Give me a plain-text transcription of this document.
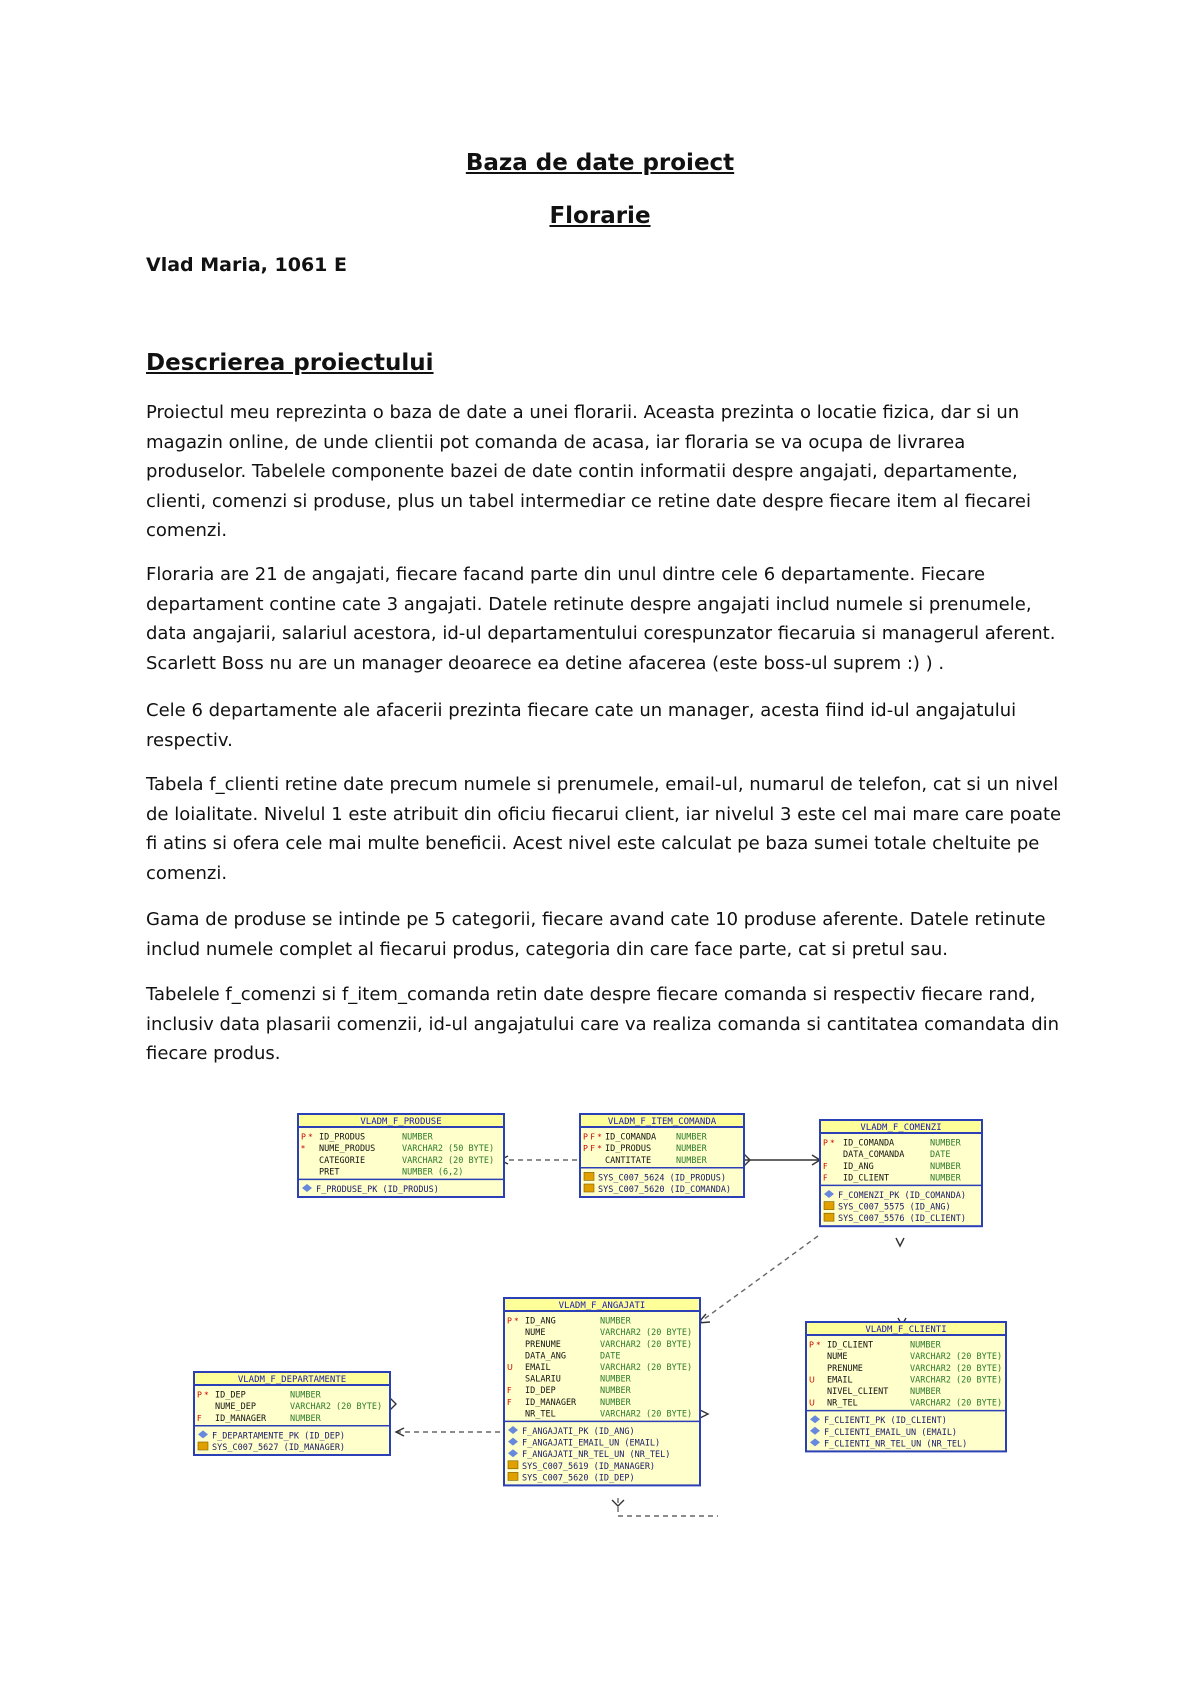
Baza de date proiect
Florarie
Vlad Maria, 1061 E
Descrierea proiectului

Proiectul meu reprezinta o baza de date a unei florarii. Aceasta prezinta o locatie fizica, dar si un magazin online, de unde clientii pot comanda de acasa, iar floraria se va ocupa de livrarea produselor. Tabelele componente bazei de date contin informatii despre angajati, departamente, clienti, comenzi si produse, plus un tabel intermediar ce retine date despre fiecare item al fiecarei comenzi.

Floraria are 21 de angajati, fiecare facand parte din unul dintre cele 6 departamente. Fiecare departament contine cate 3 angajati. Datele retinute despre angajati includ numele si prenumele, data angajarii, salariul acestora, id-ul departamentului corespunzator fiecaruia si managerul aferent. Scarlett Boss nu are un manager deoarece ea detine afacerea (este boss-ul suprem :) ) .

Cele 6 departamente ale afacerii prezinta fiecare cate un manager, acesta fiind id-ul angajatului respectiv.

Tabela f_clienti retine date precum numele si prenumele, email-ul, numarul de telefon, cat si un nivel de loialitate. Nivelul 1 este atribuit din oficiu fiecarui client, iar nivelul 3 este cel mai mare care poate fi atins si ofera cele mai multe beneficii. Acest nivel este calculat pe baza sumei totale cheltuite pe comenzi.

Gama de produse se intinde pe 5 categorii, fiecare avand cate 10 produse aferente. Datele retinute includ numele complet al fiecarui produs, categoria din care face parte, cat si pretul sau.

Tabelele f_comenzi si f_item_comanda retin date despre fiecare comanda si respectiv fiecare rand, inclusiv data plasarii comenzii, id-ul angajatului care va realiza comanda si cantitatea comandata din fiecare produs.

VLADM_F_PRODUSE
P * ID_PRODUS	NUMBER
* NUME_PRODUS	VARCHAR2 (50 BYTE)
CATEGORIE	VARCHAR2 (20 BYTE)
PRET	NUMBER (6,2)
F_PRODUSE_PK (ID_PRODUS)
VLADM_F_ITEM_COMANDA
P F * ID_COMANDA NUMBER
P F * ID_PRODUS	NUMBER
CANTITATE	NUMBER
SYS_C007_5624 (ID_PRODUS)
SYS_C007_5620 (ID_COMANDA)
VLADM_F_COMENZI
P * ID_COMANDA	NUMBER
DATA_COMANDA	DATE
F ID_ANG	NUMBER
F ID_CLIENT	NUMBER
F_COMENZI_PK (ID_COMANDA)
SYS_C007_5575 (ID_ANG)
SYS_C007_5576 (ID_CLIENT)
VLADM_F_ANGAJATI
P * ID_ANG	NUMBER
NUME	VARCHAR2 (20 BYTE)
PRENUME	VARCHAR2 (20 BYTE)
DATA_ANG	DATE
U EMAIL	VARCHAR2 (20 BYTE)
SALARIU	NUMBER
F ID_DEP	NUMBER
F ID_MANAGER	NUMBER
NR_TEL	VARCHAR2 (20 BYTE)
F_ANGAJATI_PK (ID_ANG)
F_ANGAJATI_EMAIL_UN (EMAIL)
F_ANGAJATI_NR_TEL_UN (NR_TEL)
SYS_C007_5619 (ID_MANAGER)
SYS_C007_5620 (ID_DEP)
VLADM_F_DEPARTAMENTE
P * ID_DEP	NUMBER
NUME_DEP	VARCHAR2 (20 BYTE)
F ID_MANAGER	NUMBER
F_DEPARTAMENTE_PK (ID_DEP)
SYS_C007_5627 (ID_MANAGER)
VLADM_F_CLIENTI
P * ID_CLIENT	NUMBER
NUME	VARCHAR2 (20 BYTE)
PRENUME	VARCHAR2 (20 BYTE)
U EMAIL	VARCHAR2 (20 BYTE)
NIVEL_CLIENT	NUMBER
U NR_TEL	VARCHAR2 (20 BYTE)
F_CLIENTI_PK (ID_CLIENT)
F_CLIENTI_EMAIL_UN (EMAIL)
F_CLIENTI_NR_TEL_UN (NR_TEL)
